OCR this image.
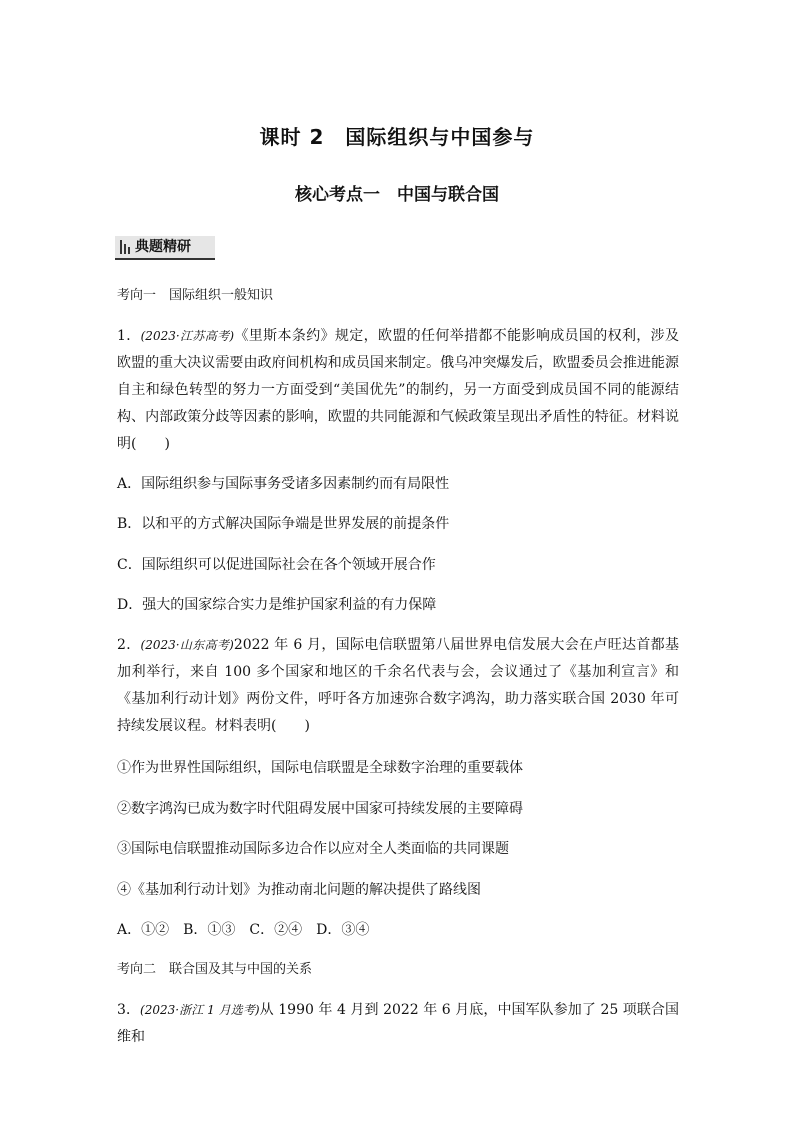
课时 2　国际组织与中国参与
核心考点一　中国与联合国
典题精研
考向一　国际组织一般知识

1．(2023·江苏高考)《里斯本条约》规定，欧盟的任何举措都不能影响成员国的权利，涉及欧盟的重大决议需要由政府间机构和成员国来制定。俄乌冲突爆发后，欧盟委员会推进能源自主和绿色转型的努力一方面受到“美国优先”的制约，另一方面受到成员国不同的能源结构、内部政策分歧等因素的影响，欧盟的共同能源和气候政策呈现出矛盾性的特征。材料说明(　　)

A．国际组织参与国际事务受诸多因素制约而有局限性

B．以和平的方式解决国际争端是世界发展的前提条件

C．国际组织可以促进国际社会在各个领域开展合作

D．强大的国家综合实力是维护国家利益的有力保障

2．(2023·山东高考)2022 年 6 月，国际电信联盟第八届世界电信发展大会在卢旺达首都基加利举行，来自 100 多个国家和地区的千余名代表与会，会议通过了《基加利宣言》和《基加利行动计划》两份文件，呼吁各方加速弥合数字鸿沟，助力落实联合国 2030 年可持续发展议程。材料表明(　　)

①作为世界性国际组织，国际电信联盟是全球数字治理的重要载体

②数字鸿沟已成为数字时代阻碍发展中国家可持续发展的主要障碍

③国际电信联盟推动国际多边合作以应对全人类面临的共同课题

④《基加利行动计划》为推动南北问题的解决提供了路线图

A．①②　B．①③　C．②④　D．③④

考向二　联合国及其与中国的关系

3．(2023·浙江 1 月选考)从 1990 年 4 月到 2022 年 6 月底，中国军队参加了 25 项联合国维和
